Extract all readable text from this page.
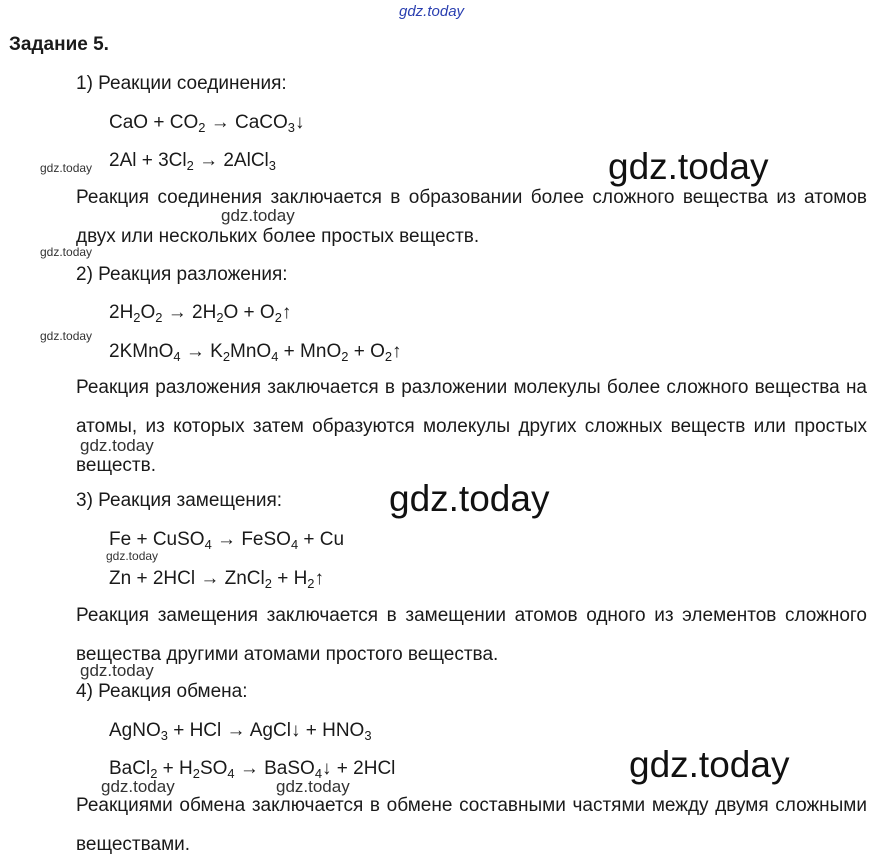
gdz.today
gdz.today	gdz.today
gdz.today
gdz.today
gdz.today
gdz.today
gdz.today
gdz.today
gdz.today
gdz.today	gdz.today
gdz.today
Задание 5.
1) Реакции соединения:
CaO + $CO_2$ → CaCO$_3$↓
$2Al + 3Cl_2$ → 2AlCl$_3$
Реакция соединения заключается в образовании более сложного вещества из атомов двух или нескольких более простых веществ.
2) Реакция разложения:
$2H_2O_2 \to 2H_2O$ + $O_2↑$
2KMnO$_4$ → $K_2MnO_4 + MnO_2$ + $O_2↑$
Реакция разложения заключается в разложении молекулы более сложного вещества на атомы, из которых затем образуются молекулы других сложных веществ или простых веществ.
3) Реакция замещения:
Fe + CuSO$_4$ → FeSO$_4$ + Cu
Zn + 2HCl → ZnCl$_2$ + $H_2↑$
Реакция замещения заключается в замещении атомов одного из элементов сложного вещества другими атомами простого вещества.
4) Реакция обмена:
AgNO$_3$ + HCl → AgCl↓ + $HNO_3$
BaCl$_2$ + $H_2SO_4$ → BaSO$_4$↓ + 2HCl
Реакциями обмена заключается в обмене составными частями между двумя сложными веществами.
